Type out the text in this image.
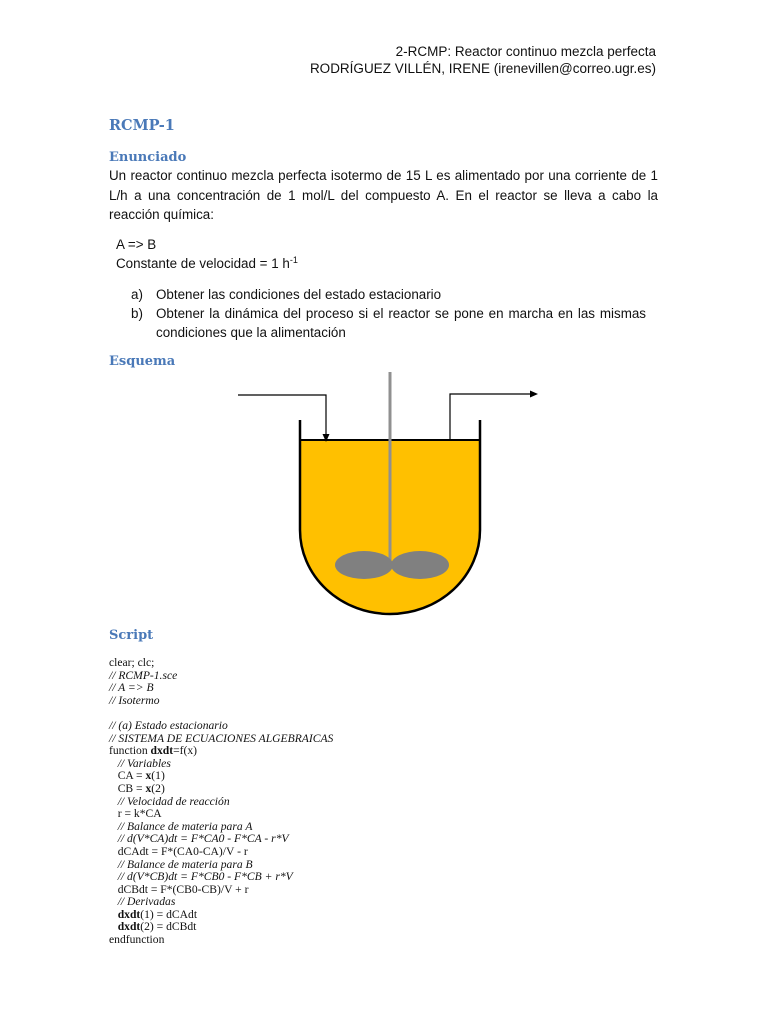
2-RCMP: Reactor continuo mezcla perfecta
RODRÍGUEZ VILLÉN, IRENE (irenevillen@correo.ugr.es)
RCMP-1
Enunciado
Un reactor continuo mezcla perfecta isotermo de 15 L es alimentado por una corriente de 1 L/h a una concentración de 1 mol/L del compuesto A. En el reactor se lleva a cabo la reacción química:
A => B
Constante de velocidad = 1 $h^{-1}$
a) Obtener las condiciones del estado estacionario
b) Obtener la dinámica del proceso si el reactor se pone en marcha en las mismas condiciones que la alimentación
Esquema
Script
clear; clc;
// RCMP-1.sce
// A => B
// Isotermo
// (a) Estado estacionario
// SISTEMA DE ECUACIONES ALGEBRAICAS
function dxdt=f(x)
// Variables
CA = x(1)
CB = x(2)
// Velocidad de reacción
r = k*CA
// Balance de materia para A
// d(V*CA)dt = F*CA0 - F*CA - r*V
dCAdt = F*(CA0-CA)/V - r
// Balance de materia para B
// d(V*CB)dt = F*CB0 - F*CB + r*V
dCBdt = F*(CB0-CB)/V + r
// Derivadas
dxdt(1) = dCAdt
dxdt(2) = dCBdt
endfunction
